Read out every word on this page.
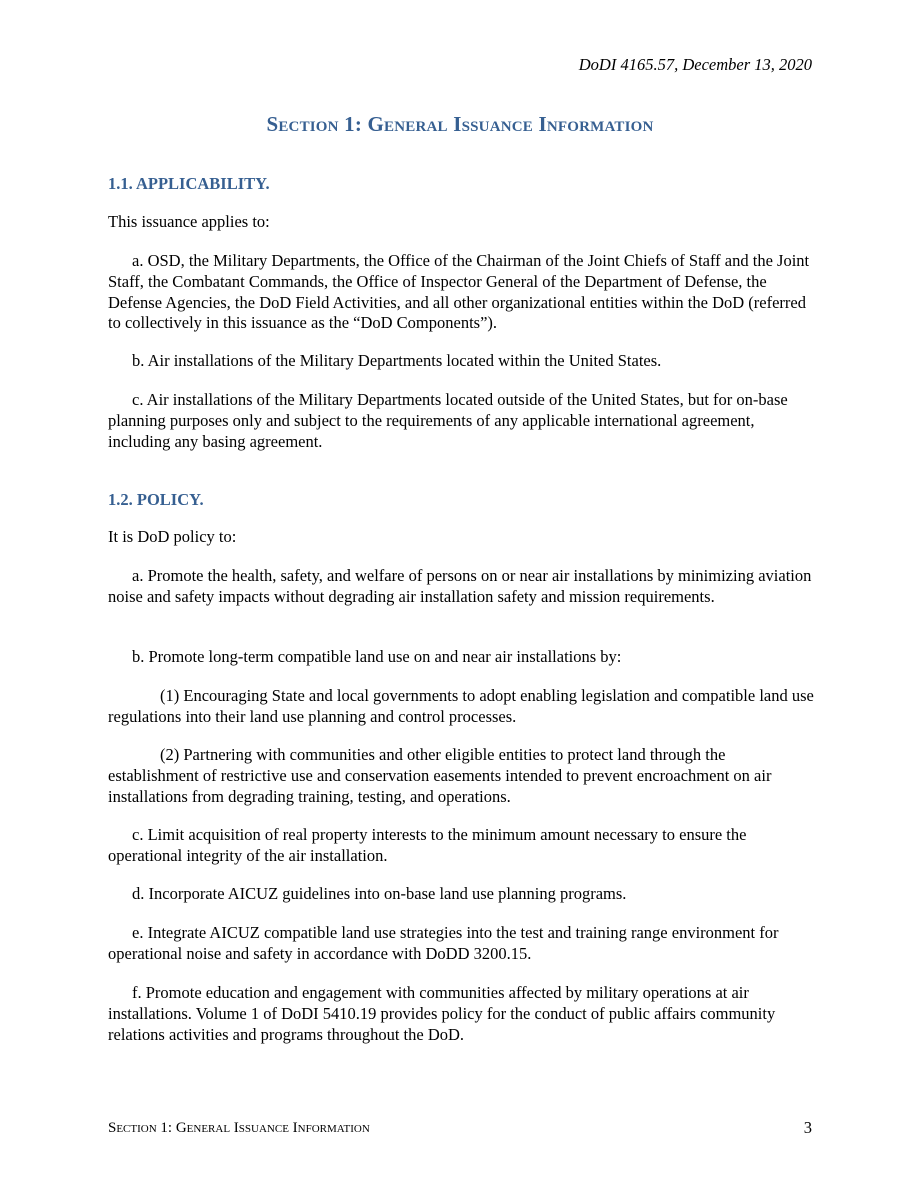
DoDI 4165.57, December 13, 2020
Section 1: General Issuance Information
1.1. APPLICABILITY.
This issuance applies to:
a. OSD, the Military Departments, the Office of the Chairman of the Joint Chiefs of Staff and the Joint Staff, the Combatant Commands, the Office of Inspector General of the Department of Defense, the Defense Agencies, the DoD Field Activities, and all other organizational entities within the DoD (referred to collectively in this issuance as the “DoD Components”).
b. Air installations of the Military Departments located within the United States.
c. Air installations of the Military Departments located outside of the United States, but for on-base planning purposes only and subject to the requirements of any applicable international agreement, including any basing agreement.
1.2. POLICY.
It is DoD policy to:
a. Promote the health, safety, and welfare of persons on or near air installations by minimizing aviation noise and safety impacts without degrading air installation safety and mission requirements.
b. Promote long-term compatible land use on and near air installations by:
(1) Encouraging State and local governments to adopt enabling legislation and compatible land use regulations into their land use planning and control processes.
(2) Partnering with communities and other eligible entities to protect land through the establishment of restrictive use and conservation easements intended to prevent encroachment on air installations from degrading training, testing, and operations.
c. Limit acquisition of real property interests to the minimum amount necessary to ensure the operational integrity of the air installation.
d. Incorporate AICUZ guidelines into on-base land use planning programs.
e. Integrate AICUZ compatible land use strategies into the test and training range environment for operational noise and safety in accordance with DoDD 3200.15.
f. Promote education and engagement with communities affected by military operations at air installations. Volume 1 of DoDI 5410.19 provides policy for the conduct of public affairs community relations activities and programs throughout the DoD.
Section 1: General Issuance Information	3
